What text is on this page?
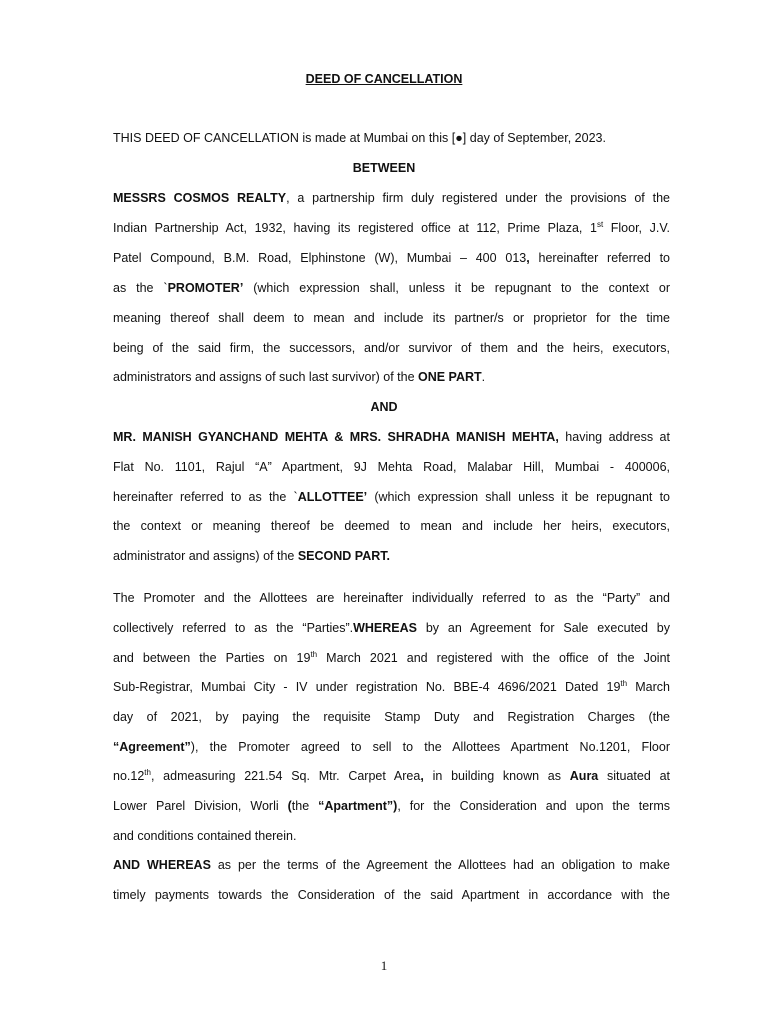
DEED OF CANCELLATION
THIS DEED OF CANCELLATION is made at Mumbai on this [●] day of September, 2023.
BETWEEN
MESSRS COSMOS REALTY, a partnership firm duly registered under the provisions of the
Indian Partnership Act, 1932, having its registered office at 112, Prime Plaza, 1st Floor, J.V.
Patel Compound, B.M. Road, Elphinstone (W), Mumbai – 400 013, hereinafter referred to
as the `PROMOTER’ (which expression shall, unless it be repugnant to the context or
meaning thereof shall deem to mean and include its partner/s or proprietor for the time
being of the said firm, the successors, and/or survivor of them and the heirs, executors,
administrators and assigns of such last survivor) of the ONE PART.
AND
MR. MANISH GYANCHAND MEHTA & MRS. SHRADHA MANISH MEHTA, having address at
Flat No. 1101, Rajul “A” Apartment, 9J Mehta Road, Malabar Hill, Mumbai - 400006,
hereinafter referred to as the `ALLOTTEE’ (which expression shall unless it be repugnant to
the context or meaning thereof be deemed to mean and include her heirs, executors,
administrator and assigns) of the SECOND PART.
The Promoter and the Allottees are hereinafter individually referred to as the “Party” and
collectively referred to as the “Parties”.WHEREAS by an Agreement for Sale executed by
and between the Parties on 19th March 2021 and registered with the office of the Joint
Sub-Registrar, Mumbai City - IV under registration No. BBE-4 4696/2021 Dated 19th March
day of 2021, by paying the requisite Stamp Duty and Registration Charges (the
“Agreement”), the Promoter agreed to sell to the Allottees Apartment No.1201, Floor
no.12th, admeasuring 221.54 Sq. Mtr. Carpet Area, in building known as Aura situated at
Lower Parel Division, Worli (the “Apartment”), for the Consideration and upon the terms
and conditions contained therein.
AND WHEREAS as per the terms of the Agreement the Allottees had an obligation to make
timely payments towards the Consideration of the said Apartment in accordance with the
1
